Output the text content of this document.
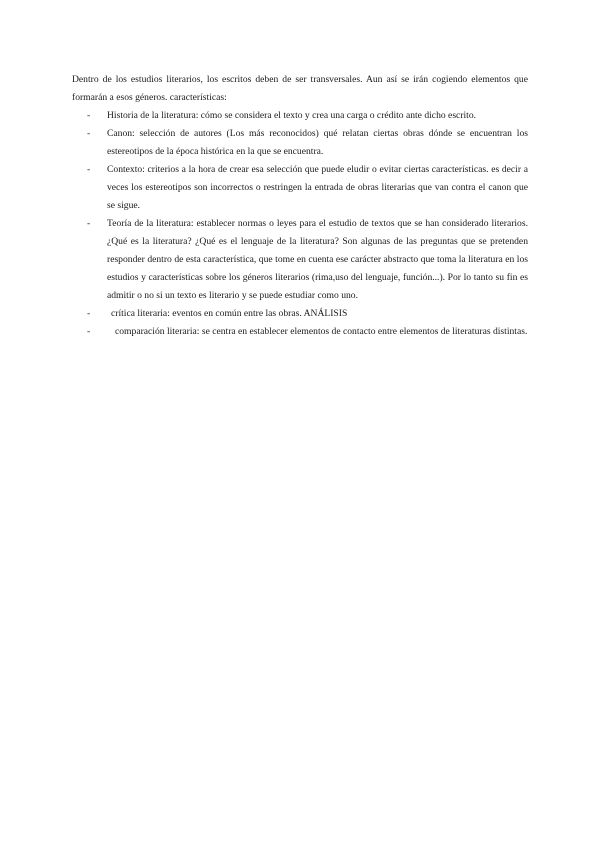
Dentro de los estudios literarios, los escritos deben de ser transversales. Aun así se irán cogiendo elementos que formarán a esos géneros. características:

- Historia de la literatura: cómo se considera el texto y crea una carga o crédito ante dicho escrito.
- Canon: selección de autores (Los más reconocidos) qué relatan ciertas obras dónde se encuentran los estereotipos de la época histórica en la que se encuentra.
- Contexto: criterios a la hora de crear esa selección que puede eludir o evitar ciertas características. es decir a veces los estereotipos son incorrectos o restringen la entrada de obras literarias que van contra el canon que se sigue.
- Teoría de la literatura: establecer normas o leyes para el estudio de textos que se han considerado literarios. ¿Qué es la literatura? ¿Qué es el lenguaje de la literatura? Son algunas de las preguntas que se pretenden responder dentro de esta característica, que tome en cuenta ese carácter abstracto que toma la literatura en los estudios y características sobre los géneros literarios (rima,uso del lenguaje, función...). Por lo tanto su fin es admitir o no si un texto es literario y se puede estudiar como uno.
-	crítica literaria: eventos en común entre las obras. ANÁLISIS
-	comparación literaria: se centra en establecer elementos de contacto entre elementos de literaturas distintas.
